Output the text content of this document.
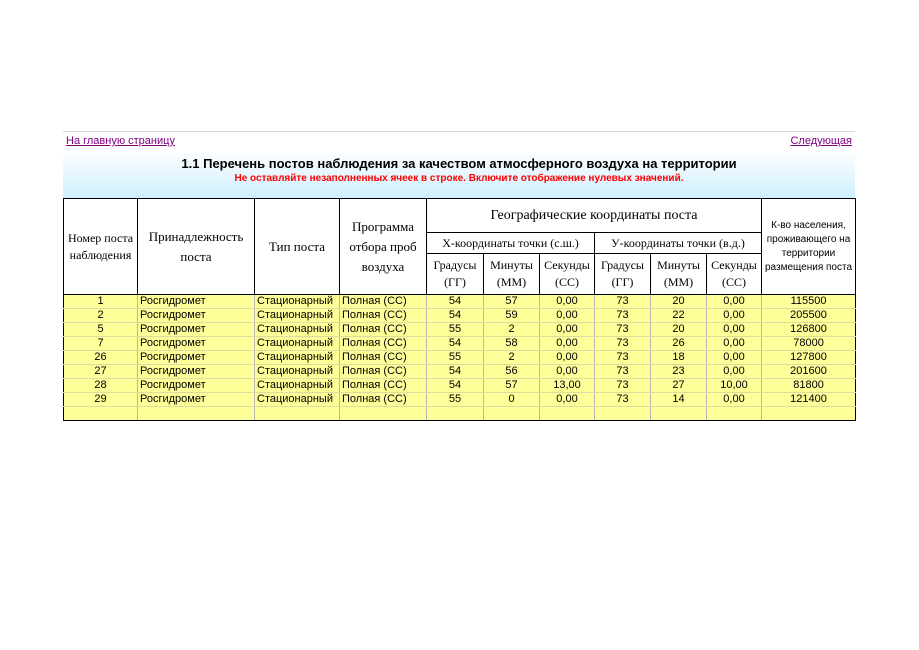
На главную страницу	Следующая
1.1 Перечень постов наблюдения за качеством атмосферного воздуха на территории
Не оставляйте незаполненных ячеек в строке. Включите отображение нулевых значений.
Номер поста наблюдения	Принадлежность поста	Тип поста	Программа отбора проб воздуха	Географические координаты поста						К-во населения, проживающего на территории размещения поста
				X-координаты точки (с.ш.)			У-координаты точки (в.д.)			
				Градусы (ГГ)	Минуты (ММ)	Секунды (СС)	Градусы (ГГ)	Минуты (ММ)	Секунды (СС)	
1	Росгидромет	Стационарный	Полная (СС)	54	57	0,00	73	20	0,00	115500
2	Росгидромет	Стационарный	Полная (СС)	54	59	0,00	73	22	0,00	205500
5	Росгидромет	Стационарный	Полная (СС)	55	2	0,00	73	20	0,00	126800
7	Росгидромет	Стационарный	Полная (СС)	54	58	0,00	73	26	0,00	78000
26	Росгидромет	Стационарный	Полная (СС)	55	2	0,00	73	18	0,00	127800
27	Росгидромет	Стационарный	Полная (СС)	54	56	0,00	73	23	0,00	201600
28	Росгидромет	Стационарный	Полная (СС)	54	57	13,00	73	27	10,00	81800
29	Росгидромет	Стационарный	Полная (СС)	55	0	0,00	73	14	0,00	121400
